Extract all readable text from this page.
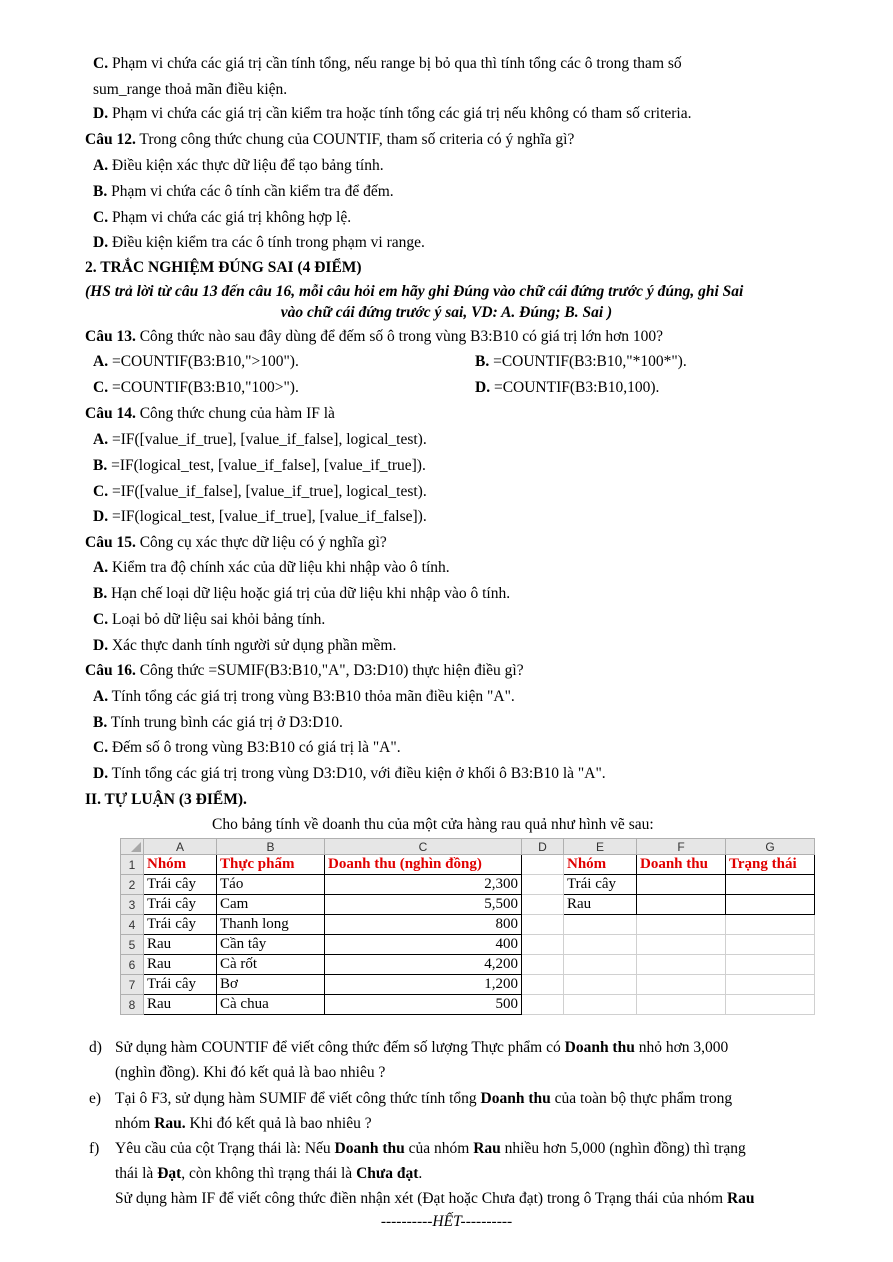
C. Phạm vi chứa các giá trị cần tính tổng, nếu range bị bỏ qua thì tính tổng các ô trong tham số
sum_range thoả mãn điều kiện.
D. Phạm vi chứa các giá trị cần kiểm tra hoặc tính tổng các giá trị nếu không có tham số criteria.
Câu 12. Trong công thức chung của COUNTIF, tham số criteria có ý nghĩa gì?
A. Điều kiện xác thực dữ liệu để tạo bảng tính.
B. Phạm vi chứa các ô tính cần kiểm tra để đếm.
C. Phạm vi chứa các giá trị không hợp lệ.
D. Điều kiện kiểm tra các ô tính trong phạm vi range.
2. TRẮC NGHIỆM ĐÚNG SAI (4 ĐIỂM)
(HS trả lời từ câu 13 đến câu 16, mỗi câu hỏi em hãy ghi Đúng vào chữ cái đứng trước ý đúng, ghi Sai
vào chữ cái đứng trước ý sai, VD: A. Đúng; B. Sai )
Câu 13. Công thức nào sau đây dùng để đếm số ô trong vùng B3:B10 có giá trị lớn hơn 100?
A. =COUNTIF(B3:B10,">100").	B. =COUNTIF(B3:B10,"*100*").
C. =COUNTIF(B3:B10,"100>").	D. =COUNTIF(B3:B10,100).
Câu 14. Công thức chung của hàm IF là
A. =IF([value_if_true], [value_if_false], logical_test).
B. =IF(logical_test, [value_if_false], [value_if_true]).
C. =IF([value_if_false], [value_if_true], logical_test).
D. =IF(logical_test, [value_if_true], [value_if_false]).
Câu 15. Công cụ xác thực dữ liệu có ý nghĩa gì?
A. Kiểm tra độ chính xác của dữ liệu khi nhập vào ô tính.
B. Hạn chế loại dữ liệu hoặc giá trị của dữ liệu khi nhập vào ô tính.
C. Loại bỏ dữ liệu sai khỏi bảng tính.
D. Xác thực danh tính người sử dụng phần mềm.
Câu 16. Công thức =SUMIF(B3:B10,"A", D3:D10) thực hiện điều gì?
A. Tính tổng các giá trị trong vùng B3:B10 thỏa mãn điều kiện "A".
B. Tính trung bình các giá trị ở D3:D10.
C. Đếm số ô trong vùng B3:B10 có giá trị là "A".
D. Tính tổng các giá trị trong vùng D3:D10, với điều kiện ở khối ô B3:B10 là "A".
II. TỰ LUẬN (3 ĐIỂM).
Cho bảng tính về doanh thu của một cửa hàng rau quả như hình vẽ sau:
	A	B	C	D	E	F	G
1	Nhóm	Thực phẩm	Doanh thu (nghìn đồng)		Nhóm	Doanh thu	Trạng thái
2	Trái cây	Táo	2,300		Trái cây		
3	Trái cây	Cam	5,500		Rau		
4	Trái cây	Thanh long	800				
5	Rau	Cần tây	400				
6	Rau	Cà rốt	4,200				
7	Trái cây	Bơ	1,200				
8	Rau	Cà chua	500				
d) Sử dụng hàm COUNTIF để viết công thức đếm số lượng Thực phẩm có Doanh thu nhỏ hơn 3,000
(nghìn đồng). Khi đó kết quả là bao nhiêu ?
e) Tại ô F3, sử dụng hàm SUMIF để viết công thức tính tổng Doanh thu của toàn bộ thực phẩm trong
nhóm Rau. Khi đó kết quả là bao nhiêu ?
f) Yêu cầu của cột Trạng thái là: Nếu Doanh thu của nhóm Rau nhiều hơn 5,000 (nghìn đồng) thì trạng
thái là Đạt, còn không thì trạng thái là Chưa đạt.
Sử dụng hàm IF để viết công thức điền nhận xét (Đạt hoặc Chưa đạt) trong ô Trạng thái của nhóm Rau
----------HẾT----------
